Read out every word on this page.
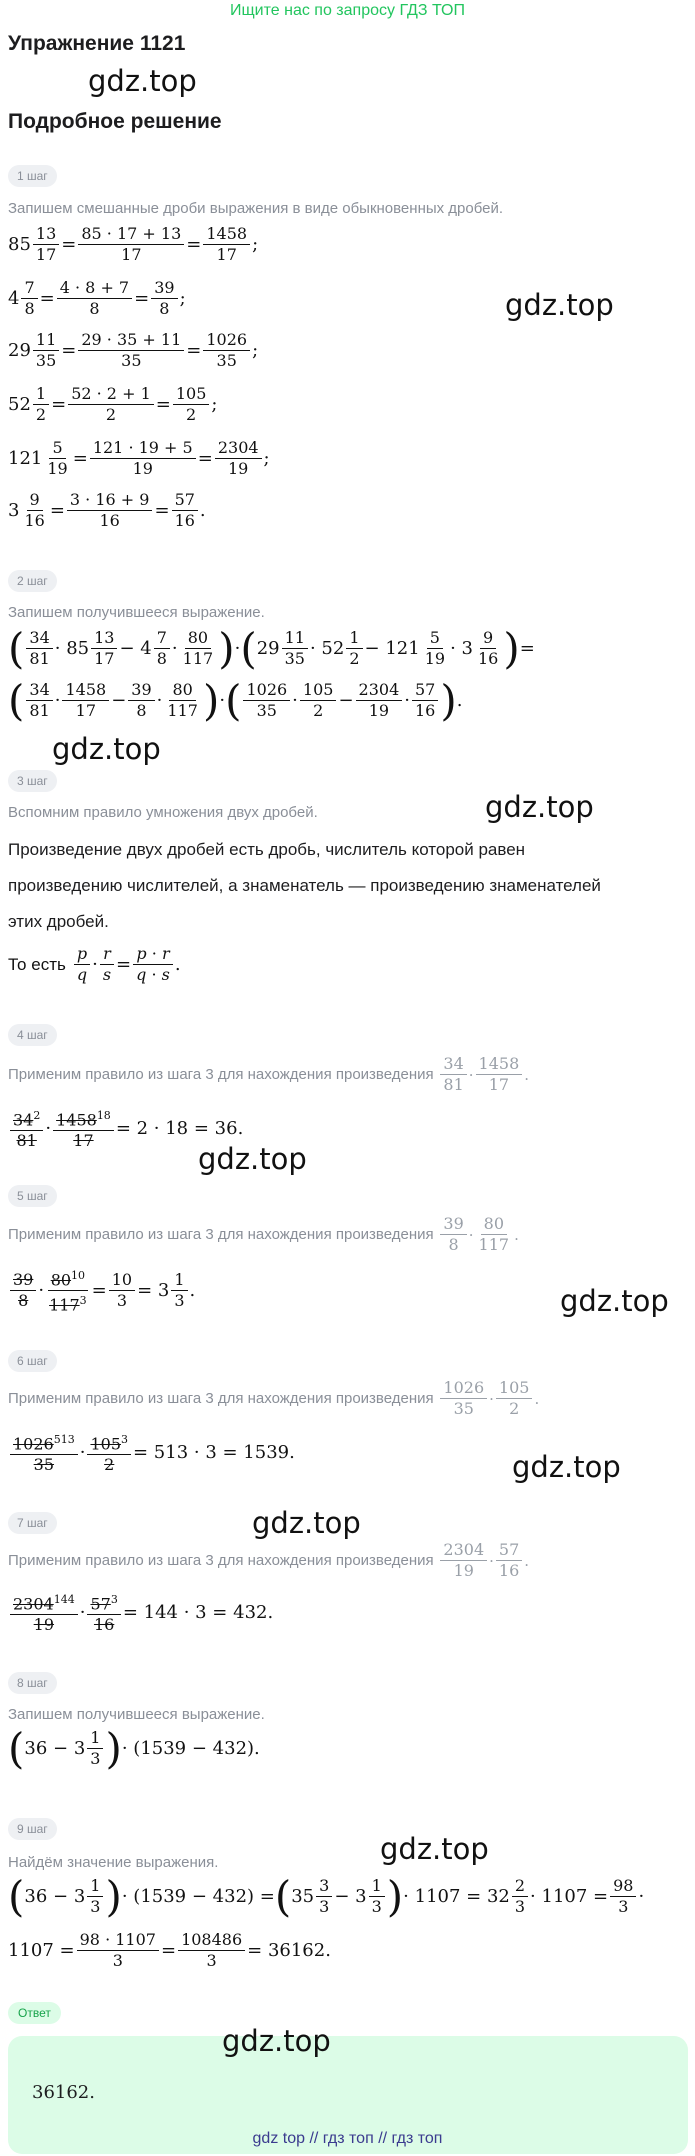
Ищите нас по запросу ГДЗ ТОП
Упражнение 1121
gdz.top
Подробное решение
1 шаг
Запишем смешанные дроби выражения в виде обыкновенных дробей.
$85 \frac{13}{17} = \frac{85 \cdot 17 + 13}{17} = \frac{1458}{17}$ ;
$4 \frac{7}{8} = \frac{4 \cdot 8 + 7}{8} = \frac{39}{8}$ ;	gdz.top
$29 \frac{11}{35} = \frac{29 \cdot 35 + 11}{35} = \frac{1026}{35}$ ;
$52 \frac{1}{2} = \frac{52 \cdot 2 + 1}{2} = \frac{105}{2}$ ;
$121 \frac{5}{19} = \frac{121 \cdot 19 + 5}{19} = \frac{2304}{19}$ ;
$3 \frac{9}{16} = \frac{3 \cdot 16 + 9}{16} = \frac{57}{16}$ .
2 шаг
Запишем получившееся выражение.
( $\frac{34}{81} \cdot 85 \frac{13}{17} - 4 \frac{7}{8} \cdot \frac{80}{117}$ ) · ( $29 \frac{11}{35} \cdot 52 \frac{1}{2} - 121 \frac{5}{19} \cdot 3 \frac{9}{16}$ ) =
( $\frac{34}{81} \cdot \frac{1458}{17} - \frac{39}{8} \cdot \frac{80}{117}$ ) · ( $\frac{1026}{35} \cdot \frac{105}{2} - \frac{2304}{19} \cdot \frac{57}{16}$ ) .
gdz.top
3 шаг
Вспомним правило умножения двух дробей.	gdz.top
Произведение двух дробей есть дробь, числитель которой равен
произведению числителей, а знаменатель — произведению знаменателей
этих дробей.
То есть $\frac{p}{q} \cdot \frac{r}{s} = \frac{p \cdot r}{q \cdot s}$ .
4 шаг
Применим правило из шага 3 для нахождения произведения
$\frac{34}{81} \cdot \frac{1458}{17}$ .
$\frac{34^2}{81} \cdot \frac{1458^{18}}{17} = 2 \cdot 18 = 36$.
gdz.top
5 шаг
Применим правило из шага 3 для нахождения произведения
$\frac{39}{8} \cdot \frac{80}{117}$ .
$\frac{39}{8} \cdot \frac{80^{10}}{117^3} = \frac{10}{3} = 3 \frac{1}{3}$ .	gdz.top
6 шаг
Применим правило из шага 3 для нахождения произведения
$\frac{1026}{35} \cdot \frac{105}{2}$ .
$\frac{1026^{513}}{35} \cdot \frac{105^3}{2} = 513 \cdot 3 = 1539$.	gdz.top
7 шаг	gdz.top
Применим правило из шага 3 для нахождения произведения
$\frac{2304}{19} \cdot \frac{57}{16}$ .
$\frac{2304^{144}}{19} \cdot \frac{57^3}{16} = 144 \cdot 3 = 432$.
8 шаг
Запишем получившееся выражение.
( $36 - 3 \frac{1}{3}$ ) · (1539 − 432).
9 шаг
gdz.top
Найдём значение выражения.
( $36 - 3 \frac{1}{3}$ ) · (1539 − 432) = ( $35 \frac{3}{3} - 3 \frac{1}{3}$ ) · $1107 = 32 \frac{2}{3} \cdot 1107 = \frac{98}{3}$ ·
$1107 = \frac{98 \cdot 1107}{3} = \frac{108486}{3} = 36162$.
Ответ
36162.
gdz.top
gdz top // гдз топ // гдз топ
